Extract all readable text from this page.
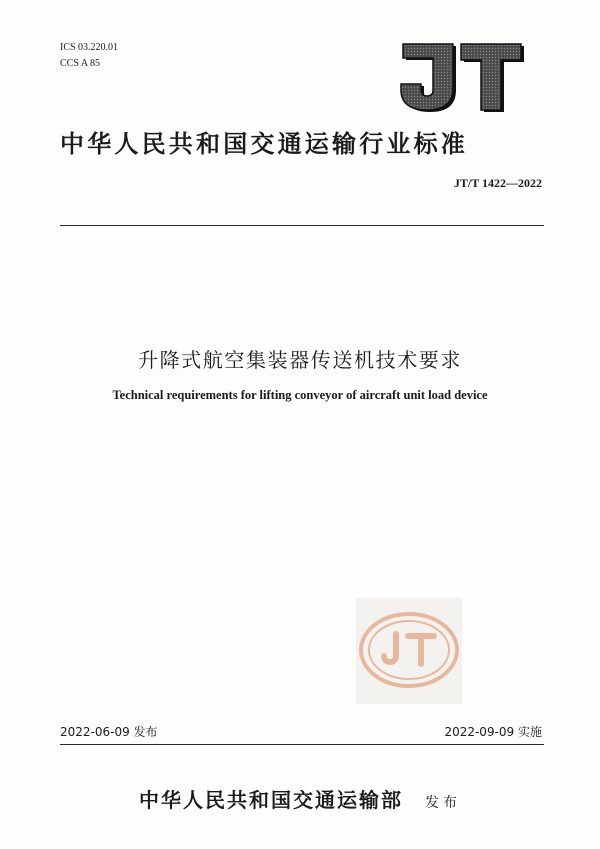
ICS 03.220.01
CCS A 85
中华人民共和国交通运输行业标准
JT/T 1422—2022
升降式航空集装器传送机技术要求
Technical requirements for lifting conveyor of aircraft unit load device
2022-06-09 发布	2022-09-09 实施
中华人民共和国交通运输部 发布
